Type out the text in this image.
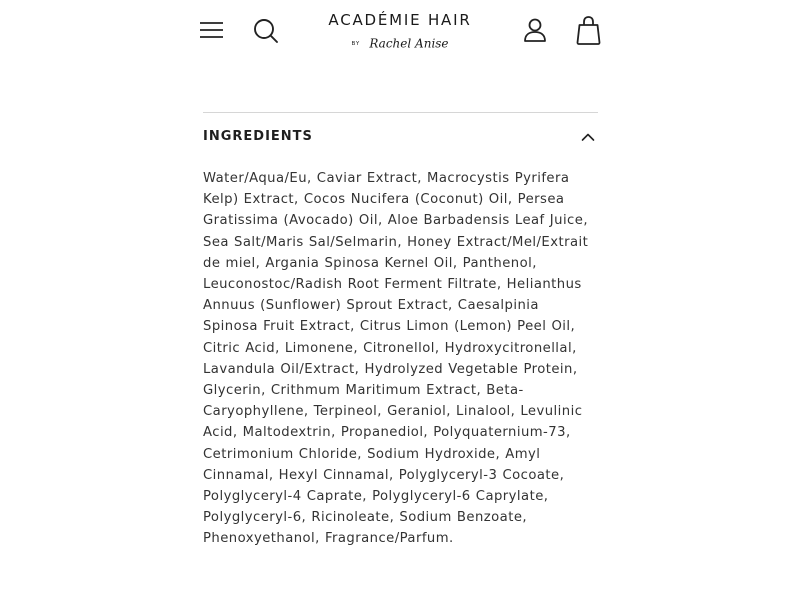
ACADÉMIE HAIR
BY Rachel Anise
INGREDIENTS

Water/Aqua/Eu, Caviar Extract, Macrocystis Pyrifera Kelp) Extract, Cocos Nucifera (Coconut) Oil, Persea Gratissima (Avocado) Oil, Aloe Barbadensis Leaf Juice, Sea Salt/Maris Sal/Selmarin, Honey Extract/Mel/Extrait de miel, Argania Spinosa Kernel Oil, Panthenol, Leuconostoc/Radish Root Ferment Filtrate, Helianthus Annuus (Sunflower) Sprout Extract, Caesalpinia Spinosa Fruit Extract, Citrus Limon (Lemon) Peel Oil, Citric Acid, Limonene, Citronellol, Hydroxycitronellal, Lavandula Oil/Extract, Hydrolyzed Vegetable Protein, Glycerin, Crithmum Maritimum Extract, Beta-Caryophyllene, Terpineol, Geraniol, Linalool, Levulinic Acid, Maltodextrin, Propanediol, Polyquaternium-73, Cetrimonium Chloride, Sodium Hydroxide, Amyl Cinnamal, Hexyl Cinnamal, Polyglyceryl-3 Cocoate, Polyglyceryl-4 Caprate, Polyglyceryl-6 Caprylate, Polyglyceryl-6, Ricinoleate, Sodium Benzoate, Phenoxyethanol, Fragrance/Parfum.
